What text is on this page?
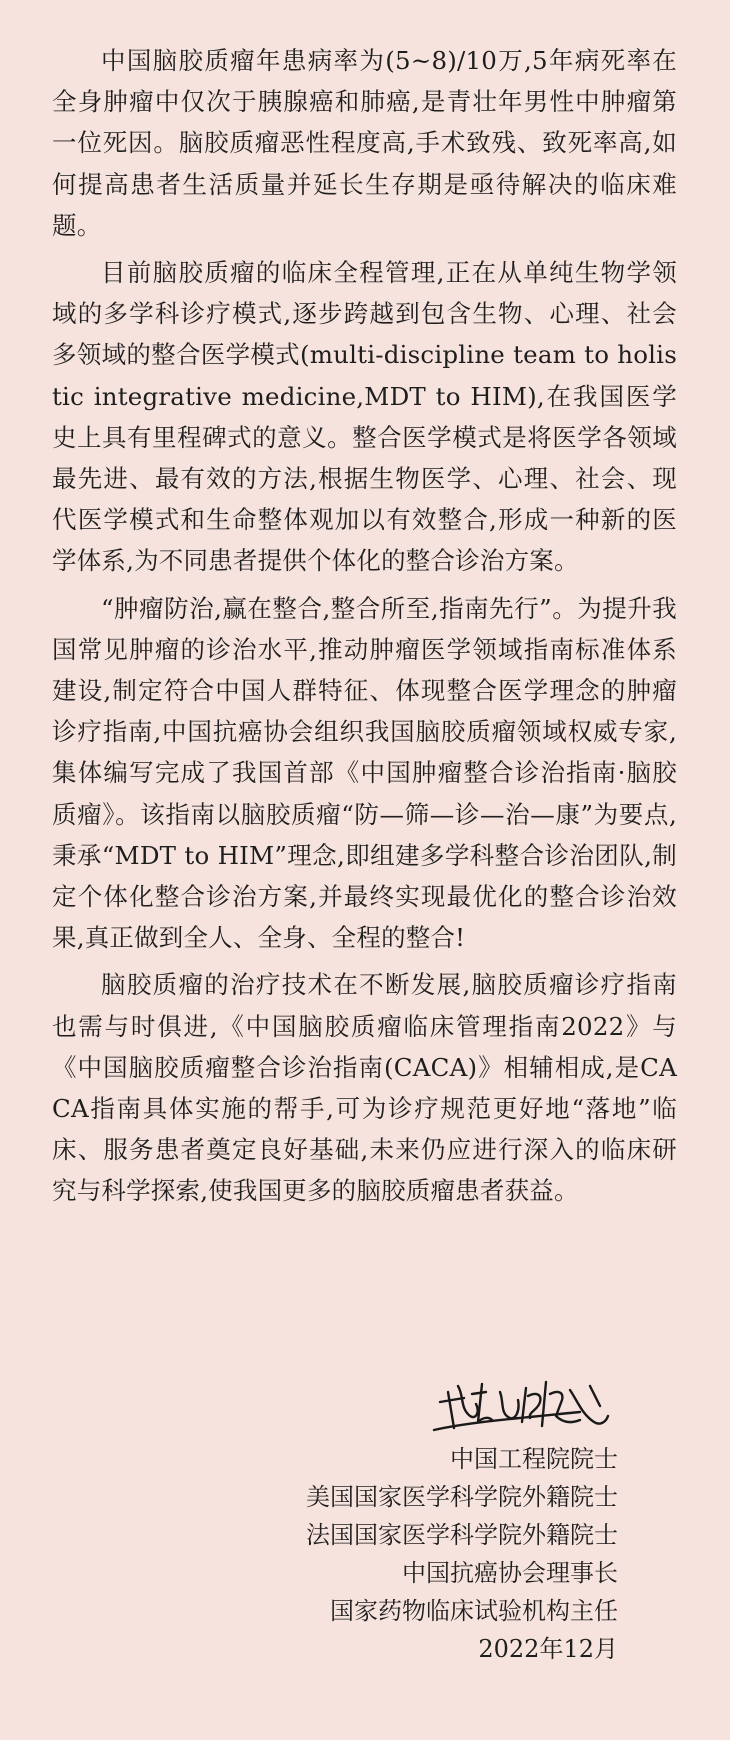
中国脑胶质瘤年患病率为(5~8)/10万,5年病死率在全身肿瘤中仅次于胰腺癌和肺癌,是青壮年男性中肿瘤第一位死因。脑胶质瘤恶性程度高,手术致残、致死率高,如何提高患者生活质量并延长生存期是亟待解决的临床难题。

目前脑胶质瘤的临床全程管理,正在从单纯生物学领域的多学科诊疗模式,逐步跨越到包含生物、心理、社会多领域的整合医学模式(multi-discipline team to holistic integrative medicine,MDT to HIM),在我国医学史上具有里程碑式的意义。整合医学模式是将医学各领域最先进、最有效的方法,根据生物医学、心理、社会、现代医学模式和生命整体观加以有效整合,形成一种新的医学体系,为不同患者提供个体化的整合诊治方案。

“肿瘤防治,赢在整合,整合所至,指南先行”。为提升我国常见肿瘤的诊治水平,推动肿瘤医学领域指南标准体系建设,制定符合中国人群特征、体现整合医学理念的肿瘤诊疗指南,中国抗癌协会组织我国脑胶质瘤领域权威专家,集体编写完成了我国首部《中国肿瘤整合诊治指南·脑胶质瘤》。该指南以脑胶质瘤“防—筛—诊—治—康”为要点,秉承“MDT to HIM”理念,即组建多学科整合诊治团队,制定个体化整合诊治方案,并最终实现最优化的整合诊治效果,真正做到全人、全身、全程的整合!

脑胶质瘤的治疗技术在不断发展,脑胶质瘤诊疗指南也需与时俱进,《中国脑胶质瘤临床管理指南2022》与《中国脑胶质瘤整合诊治指南(CACA)》相辅相成,是CACA指南具体实施的帮手,可为诊疗规范更好地“落地”临床、服务患者奠定良好基础,未来仍应进行深入的临床研究与科学探索,使我国更多的脑胶质瘤患者获益。

中国工程院院士
美国国家医学科学院外籍院士
法国国家医学科学院外籍院士
中国抗癌协会理事长
国家药物临床试验机构主任
2022年12月
